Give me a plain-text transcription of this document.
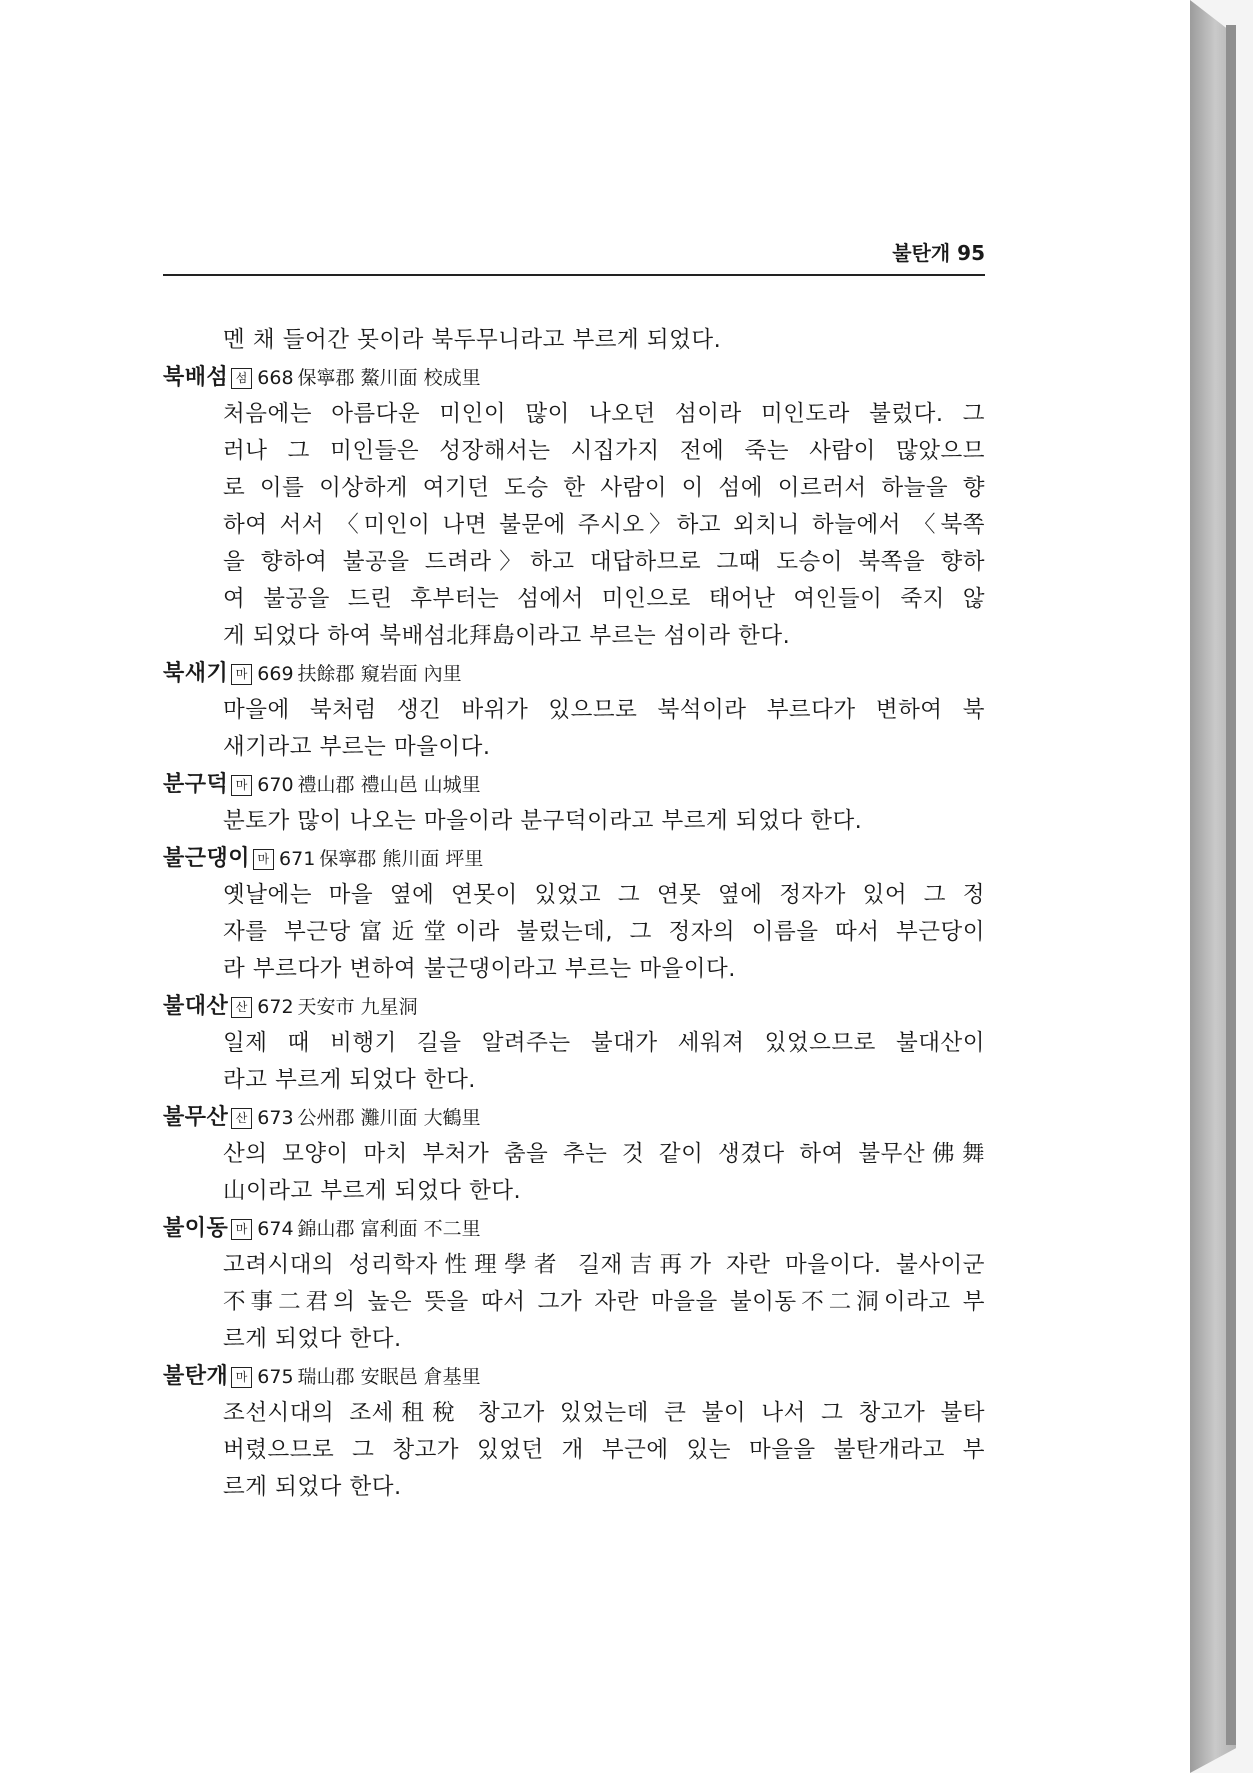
불탄개 95
멘 채 들어간 못이라 북두무니라고 부르게 되었다.
북배섬 섬 668 保寧郡 鰲川面 校成里
처음에는 아름다운 미인이 많이 나오던 섬이라 미인도라 불렀다. 그
러나 그 미인들은 성장해서는 시집가지 전에 죽는 사람이 많았으므
로 이를 이상하게 여기던 도승 한 사람이 이 섬에 이르러서 하늘을 향
하여 서서 〈미인이 나면 불문에 주시오〉하고 외치니 하늘에서 〈북쪽
을 향하여 불공을 드려라〉하고 대답하므로 그때 도승이 북쪽을 향하
여 불공을 드린 후부터는 섬에서 미인으로 태어난 여인들이 죽지 않
게 되었다 하여 북배섬北拜島이라고 부르는 섬이라 한다.
북새기 마 669 扶餘郡 窺岩面 內里
마을에 북처럼 생긴 바위가 있으므로 북석이라 부르다가 변하여 북
새기라고 부르는 마을이다.
분구덕 마 670 禮山郡 禮山邑 山城里
분토가 많이 나오는 마을이라 분구덕이라고 부르게 되었다 한다.
불근댕이 마 671 保寧郡 熊川面 坪里
옛날에는 마을 옆에 연못이 있었고 그 연못 옆에 정자가 있어 그 정
자를 부근당富近堂이라 불렀는데, 그 정자의 이름을 따서 부근당이
라 부르다가 변하여 불근댕이라고 부르는 마을이다.
불대산 산 672 天安市 九星洞
일제 때 비행기 길을 알려주는 불대가 세워져 있었으므로 불대산이
라고 부르게 되었다 한다.
불무산 산 673 公州郡 灘川面 大鶴里
산의 모양이 마치 부처가 춤을 추는 것 같이 생겼다 하여 불무산佛舞
山이라고 부르게 되었다 한다.
불이동 마 674 錦山郡 富利面 不二里
고려시대의 성리학자性理學者 길재吉再가 자란 마을이다. 불사이군
不事二君의 높은 뜻을 따서 그가 자란 마을을 불이동不二洞이라고 부
르게 되었다 한다.
불탄개 마 675 瑞山郡 安眠邑 倉基里
조선시대의 조세租稅 창고가 있었는데 큰 불이 나서 그 창고가 불타
버렸으므로 그 창고가 있었던 개 부근에 있는 마을을 불탄개라고 부
르게 되었다 한다.
